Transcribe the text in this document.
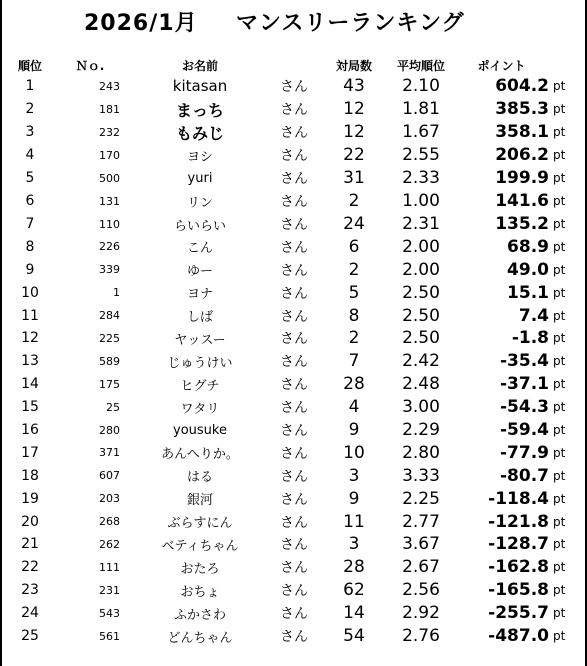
2026/1月 マンスリーランキング
順位	Ｎｏ.	お名前		対局数	平均順位	ポイント	
1	243	kitasan	さん	43	2.10	604.2	pt
2	181	まっち	さん	12	1.81	385.3	pt
3	232	もみじ	さん	12	1.67	358.1	pt
4	170	ヨシ	さん	22	2.55	206.2	pt
5	500	yuri	さん	31	2.33	199.9	pt
6	131	リン	さん	2	1.00	141.6	pt
7	110	らいらい	さん	24	2.31	135.2	pt
8	226	こん	さん	6	2.00	68.9	pt
9	339	ゆー	さん	2	2.00	49.0	pt
10	1	ヨナ	さん	5	2.50	15.1	pt
11	284	しば	さん	8	2.50	7.4	pt
12	225	ヤッスー	さん	2	2.50	-1.8	pt
13	589	じゅうけい	さん	7	2.42	-35.4	pt
14	175	ヒグチ	さん	28	2.48	-37.1	pt
15	25	ワタリ	さん	4	3.00	-54.3	pt
16	280	yousuke	さん	9	2.29	-59.4	pt
17	371	あんへりか。	さん	10	2.80	-77.9	pt
18	607	はる	さん	3	3.33	-80.7	pt
19	203	銀河	さん	9	2.25	-118.4	pt
20	268	ぶらすにん	さん	11	2.77	-121.8	pt
21	262	ベティちゃん	さん	3	3.67	-128.7	pt
22	111	おたろ	さん	28	2.67	-162.8	pt
23	231	おちょ	さん	62	2.56	-165.8	pt
24	543	ふかさわ	さん	14	2.92	-255.7	pt
25	561	どんちゃん	さん	54	2.76	-487.0	pt
